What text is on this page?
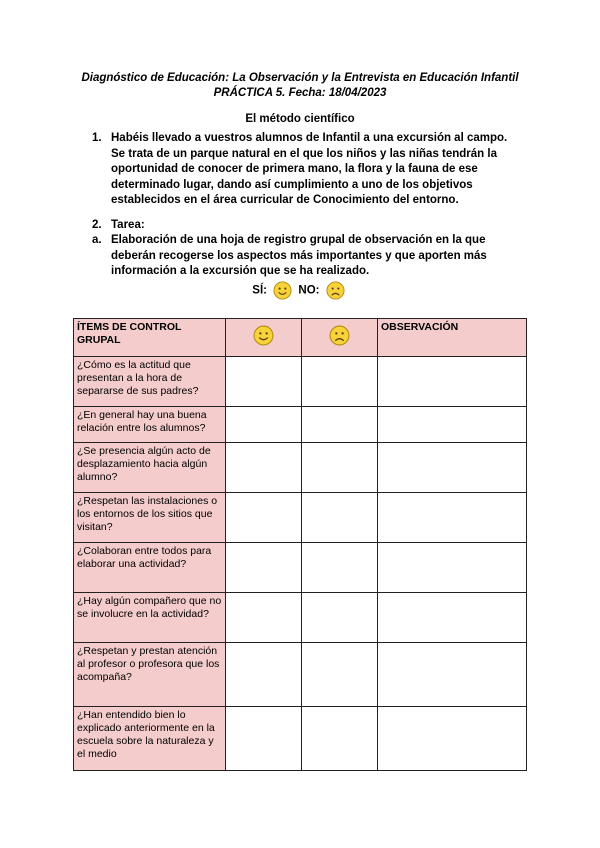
Diagnóstico de Educación: La Observación y la Entrevista en Educación Infantil
PRÁCTICA 5. Fecha: 18/04/2023
El método científico
1. Habéis llevado a vuestros alumnos de Infantil a una excursión al campo. Se trata de un parque natural en el que los niños y las niñas tendrán la oportunidad de conocer de primera mano, la flora y la fauna de ese determinado lugar, dando así cumplimiento a uno de los objetivos establecidos en el área curricular de Conocimiento del entorno.
2. Tarea:
a. Elaboración de una hoja de registro grupal de observación en la que deberán recogerse los aspectos más importantes y que aporten más información a la excursión que se ha realizado.
SÍ:	NO:
ÍTEMS DE CONTROL GRUPAL			OBSERVACIÓN
¿Cómo es la actitud que presentan a la hora de separarse de sus padres?			
¿En general hay una buena relación entre los alumnos?			
¿Se presencia algún acto de desplazamiento hacia algún alumno?			
¿Respetan las instalaciones o los entornos de los sitios que visitan?			
¿Colaboran entre todos para elaborar una actividad?			
¿Hay algún compañero que no se involucre en la actividad?			
¿Respetan y prestan atención al profesor o profesora que los acompaña?			
¿Han entendido bien lo explicado anteriormente en la escuela sobre la naturaleza y el medio			
